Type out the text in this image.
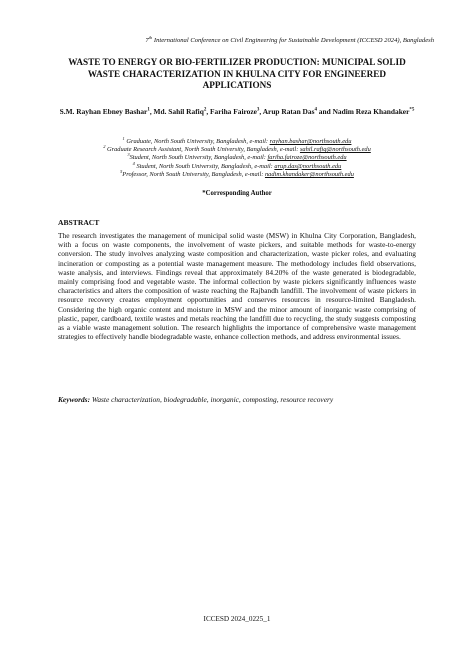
7th International Conference on Civil Engineering for Sustainable Development (ICCESD 2024), Bangladesh
WASTE TO ENERGY OR BIO-FERTILIZER PRODUCTION: MUNICIPAL SOLID WASTE CHARACTERIZATION IN KHULNA CITY FOR ENGINEERED APPLICATIONS
S.M. Rayhan Ebney Bashar$^1$, Md. Sahil Rafiq$^2$, Fariha Fairoze$^3$, Arup Ratan Das$^4$ and Nadim Reza Khandaker$^{*5}$
$^1$ Graduate, North South University, Bangladesh, e-mail: rayhan.bashar@northsouth.edu
$^2$ Graduate Research Assistant, North South University, Bangladesh, e-mail: sahil.rafiq@northsouth.edu
$^3$Student, North South University, Bangladesh, e-mail: fariha.fairoze@northsouth.edu
$^4$ Student, North South University, Bangladesh, e-mail: arup.das@northsouth.edu
$^5$Professor, North South University, Bangladesh, e-mail: nadim.khandaker@northsouth.edu
*Corresponding Author
ABSTRACT
The research investigates the management of municipal solid waste (MSW) in Khulna City Corporation, Bangladesh, with a focus on waste components, the involvement of waste pickers, and suitable methods for waste-to-energy conversion. The study involves analyzing waste composition and characterization, waste picker roles, and evaluating incineration or composting as a potential waste management measure. The methodology includes field observations, waste analysis, and interviews. Findings reveal that approximately 84.20% of the waste generated is biodegradable, mainly comprising food and vegetable waste. The informal collection by waste pickers significantly influences waste characteristics and alters the composition of waste reaching the Rajbandh landfill. The involvement of waste pickers in resource recovery creates employment opportunities and conserves resources in resource-limited Bangladesh. Considering the high organic content and moisture in MSW and the minor amount of inorganic waste comprising of plastic, paper, cardboard, textile wastes and metals reaching the landfill due to recycling, the study suggests composting as a viable waste management solution. The research highlights the importance of comprehensive waste management strategies to effectively handle biodegradable waste, enhance collection methods, and address environmental issues.
Keywords: Waste characterization, biodegradable, inorganic, composting, resource recovery
ICCESD 2024_0225_1
